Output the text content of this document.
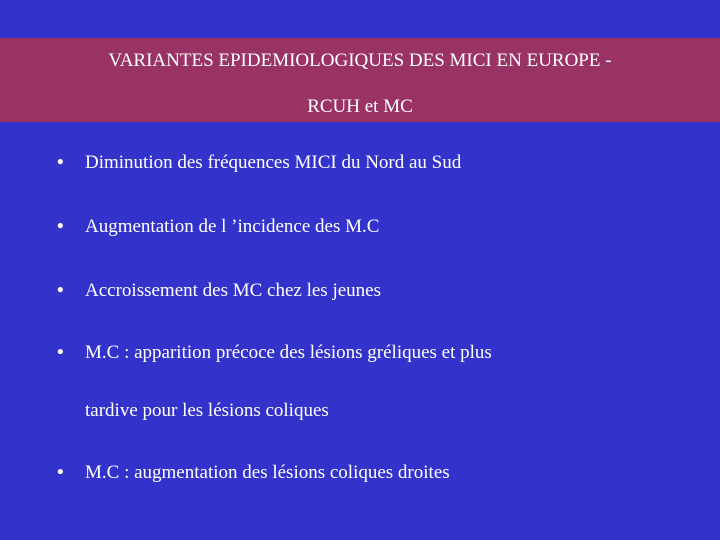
VARIANTES EPIDEMIOLOGIQUES DES MICI EN EUROPE -
RCUH et MC
• Diminution des fréquences MICI du Nord au Sud
• Augmentation de l ’incidence des M.C
• Accroissement des MC chez les jeunes
• M.C : apparition précoce des lésions gréliques et plus
tardive pour les lésions coliques
• M.C : augmentation des lésions coliques droites
